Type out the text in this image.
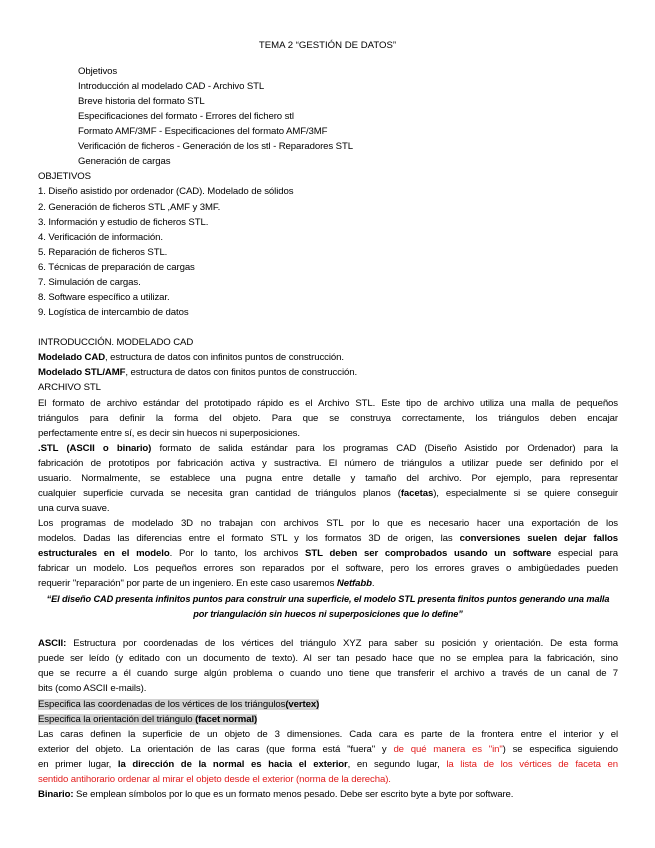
TEMA 2 “GESTIÓN DE DATOS”
Objetivos
Introducción al modelado CAD - Archivo STL
Breve historia del formato STL
Especificaciones del formato - Errores del fichero stl
Formato AMF/3MF - Especificaciones del formato AMF/3MF
Verificación de ficheros - Generación de los stl - Reparadores STL
Generación de cargas
OBJETIVOS
1. Diseño asistido por ordenador (CAD). Modelado de sólidos
2. Generación de ficheros STL ,AMF y 3MF.
3. Información y estudio de ficheros STL.
4. Verificación de información.
5. Reparación de ficheros STL.
6. Técnicas de preparación de cargas
7. Simulación de cargas.
8. Software específico a utilizar.
9. Logística de intercambio de datos
INTRODUCCIÓN. MODELADO CAD
Modelado CAD, estructura de datos con infinitos puntos de construcción.
Modelado STL/AMF, estructura de datos con finitos puntos de construcción.
ARCHIVO STL
El formato de archivo estándar del prototipado rápido es el Archivo STL. Este tipo de archivo utiliza una malla de pequeños
triángulos para definir la forma del objeto. Para que se construya correctamente, los triángulos deben encajar
perfectamente entre sí, es decir sin huecos ni superposiciones.
.STL (ASCII o binario) formato de salida estándar para los programas CAD (Diseño Asistido por Ordenador) para la
fabricación de prototipos por fabricación activa y sustractiva. El número de triángulos a utilizar puede ser definido por el
usuario. Normalmente, se establece una pugna entre detalle y tamaño del archivo. Por ejemplo, para representar
cualquier superficie curvada se necesita gran cantidad de triángulos planos (facetas), especialmente si se quiere conseguir
una curva suave.
Los programas de modelado 3D no trabajan con archivos STL por lo que es necesario hacer una exportación de los
modelos. Dadas las diferencias entre el formato STL y los formatos 3D de origen, las conversiones suelen dejar fallos
estructurales en el modelo. Por lo tanto, los archivos STL deben ser comprobados usando un software especial para
fabricar un modelo. Los pequeños errores son reparados por el software, pero los errores graves o ambigüedades pueden
requerir "reparación" por parte de un ingeniero. En este caso usaremos Netfabb.
“El diseño CAD presenta infinitos puntos para construir una superficie, el modelo STL presenta finitos puntos generando una malla
por triangulación sin huecos ni superposiciones que lo define”
ASCII: Estructura por coordenadas de los vértices del triángulo XYZ para saber su posición y orientación. De esta forma
puede ser leído (y editado con un documento de texto). Al ser tan pesado hace que no se emplea para la fabricación, sino
que se recurre a él cuando surge algún problema o cuando uno tiene que transferir el archivo a través de un canal de 7
bits (como ASCII e-mails).
Especifica las coordenadas de los vértices de los triángulos(vertex)
Especifica la orientación del triángulo (facet normal)
Las caras definen la superficie de un objeto de 3 dimensiones. Cada cara es parte de la frontera entre el interior y el
exterior del objeto. La orientación de las caras (que forma está "fuera" y de qué manera es "in") se especifica siguiendo
en primer lugar, la dirección de la normal es hacia el exterior, en segundo lugar, la lista de los vértices de faceta en
sentido antihorario ordenar al mirar el objeto desde el exterior (norma de la derecha).
Binario: Se emplean símbolos por lo que es un formato menos pesado. Debe ser escrito byte a byte por software.
